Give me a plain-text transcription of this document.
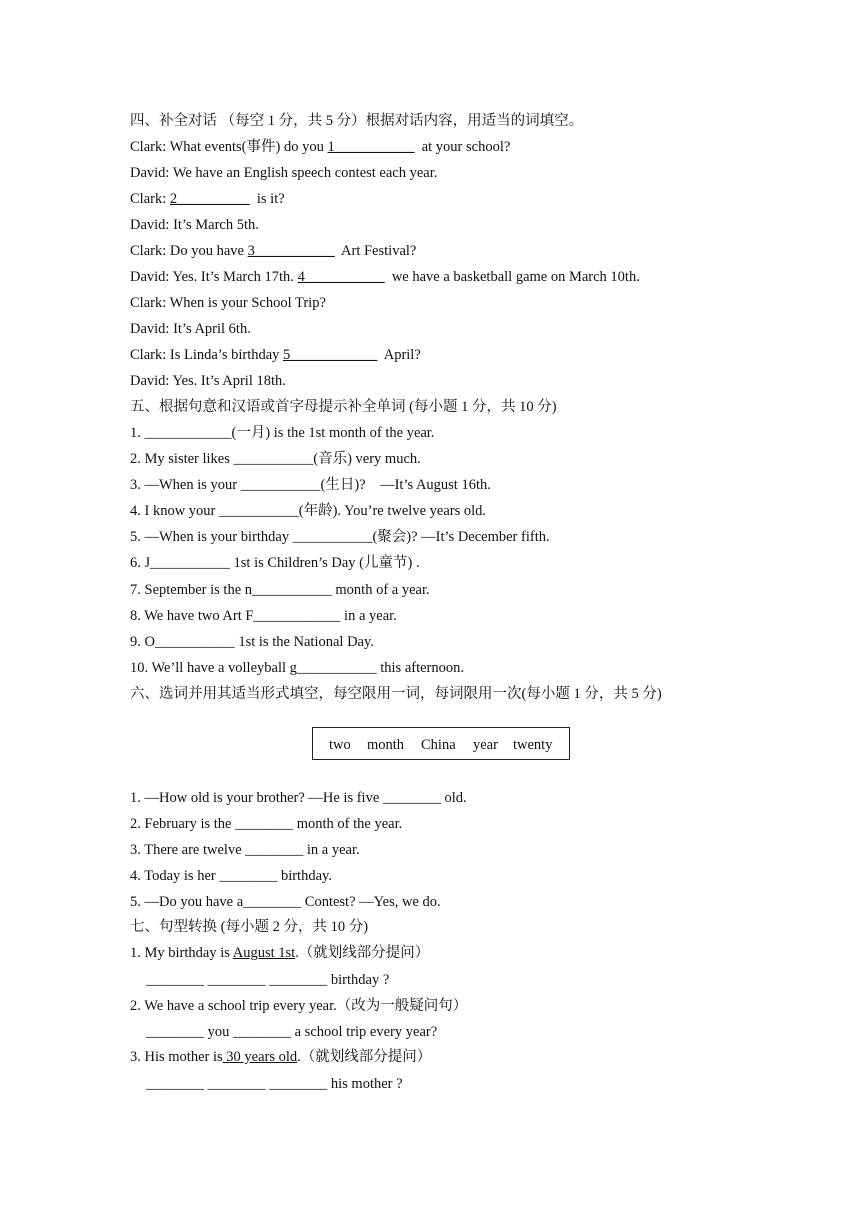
四、补全对话 （每空 1 分，共 5 分）根据对话内容，用适当的词填空。
Clark: What events(事件) do you 1___________  at your school?
David: We have an English speech contest each year.
Clark: 2__________  is it?
David: It’s March 5th.
Clark: Do you have 3___________  Art Festival?
David: Yes. It’s March 17th. 4___________  we have a basketball game on March 10th.
Clark: When is your School Trip?
David: It’s April 6th.
Clark: Is Linda’s birthday 5____________  April?
David: Yes. It’s April 18th.
五、根据句意和汉语或首字母提示补全单词 (每小题 1 分，共 10 分)
1. ____________(一月) is the 1st month of the year.
2. My sister likes ___________(音乐) very much.
3. —When is your ___________(生日)?    —It’s August 16th.
4. I know your ___________(年龄). You’re twelve years old.
5. —When is your birthday ___________(聚会)? —It’s December fifth.
6. J___________ 1st is Children’s Day (儿童节) .
7. September is the n___________ month of a year.
8. We have two Art F____________ in a year.
9. O___________ 1st is the National Day.
10. We’ll have a volleyball g___________ this afternoon.
六、选词并用其适当形式填空，每空限用一词，每词限用一次(每小题 1 分，共 5 分)
two month China year twenty
1. —How old is your brother? —He is five ________ old.
2. February is the ________ month of the year.
3. There are twelve ________ in a year.
4. Today is her ________ birthday.
5. —Do you have a________ Contest? —Yes, we do.
七、句型转换 (每小题 2 分，共 10 分)
1. My birthday is August 1st.（就划线部分提问）
________ ________ ________ birthday ?
2. We have a school trip every year.（改为一般疑问句）
________ you ________ a school trip every year?
3. His mother is 30 years old.（就划线部分提问）
________ ________ ________ his mother ?
